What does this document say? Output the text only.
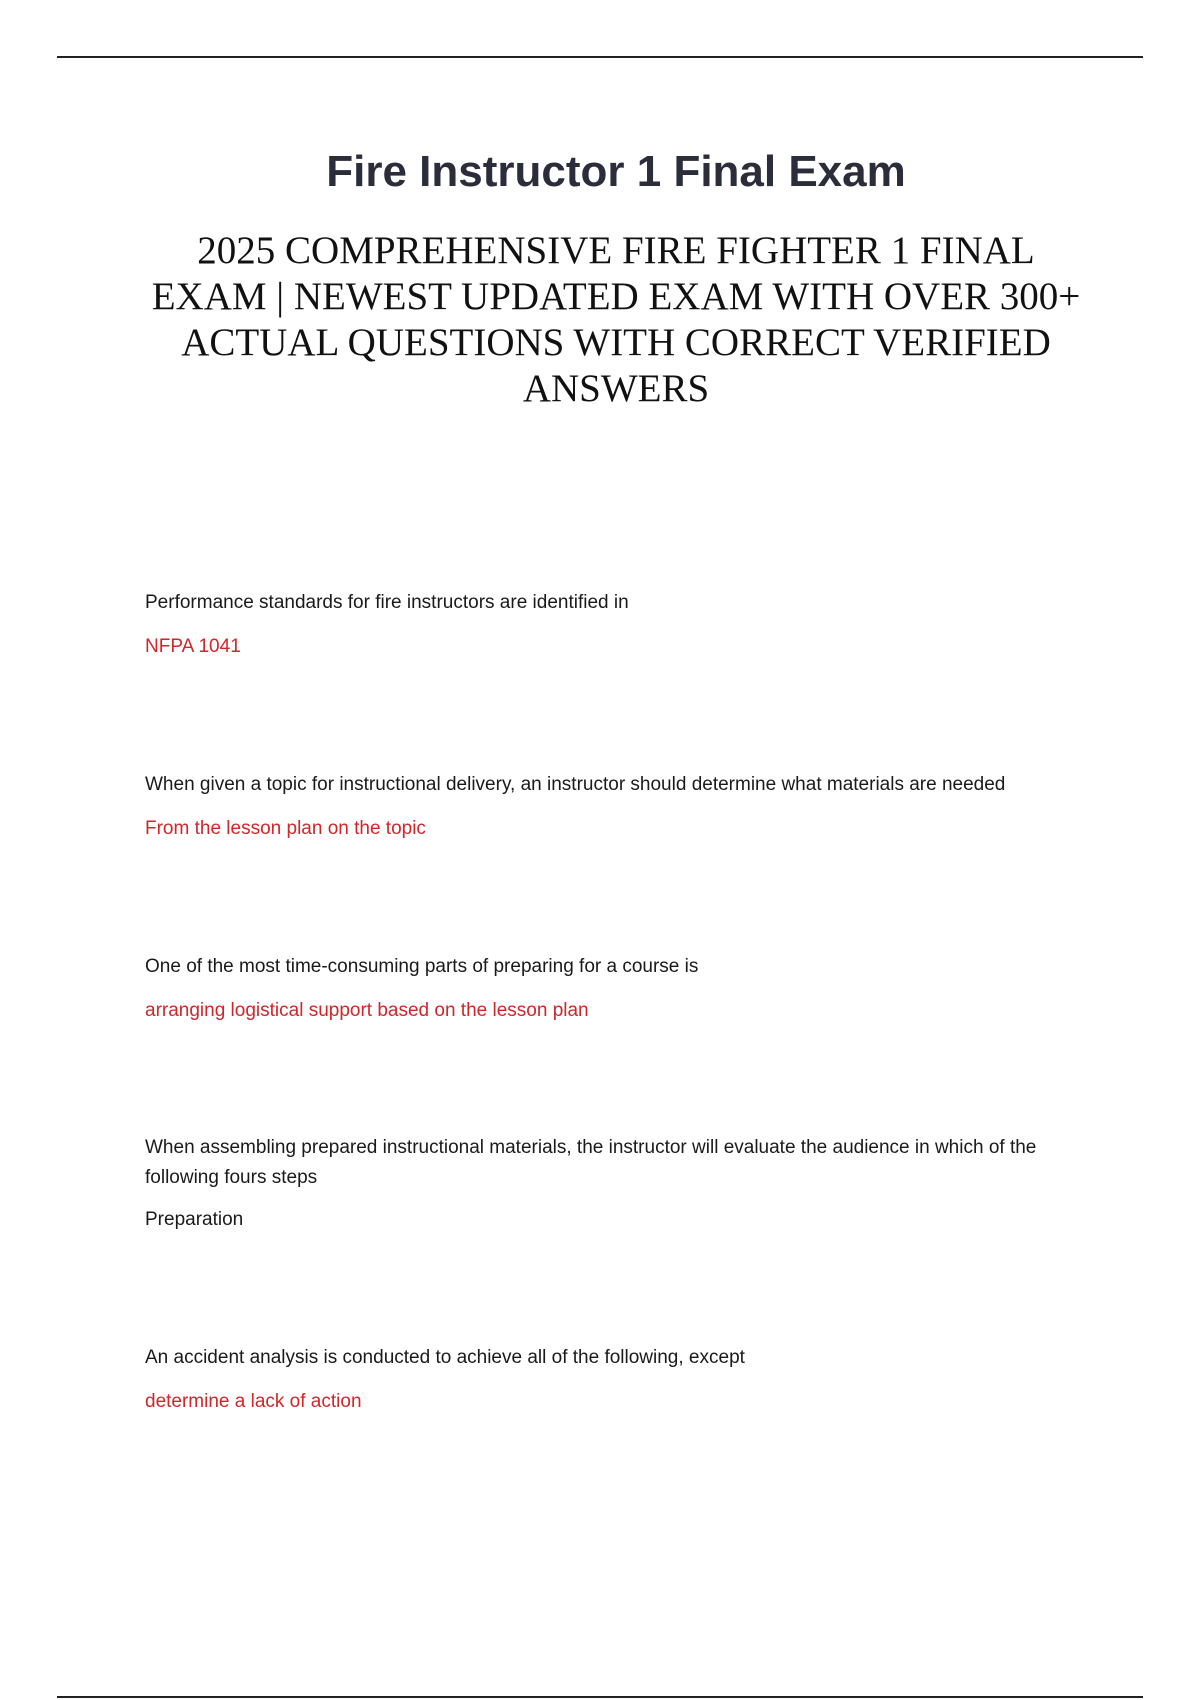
Fire Instructor 1 Final Exam

2025 COMPREHENSIVE FIRE FIGHTER 1 FINAL EXAM | NEWEST UPDATED EXAM WITH OVER 300+ ACTUAL QUESTIONS WITH CORRECT VERIFIED ANSWERS

Performance standards for fire instructors are identified in

NFPA 1041

When given a topic for instructional delivery, an instructor should determine what materials are needed

From the lesson plan on the topic

One of the most time-consuming parts of preparing for a course is

arranging logistical support based on the lesson plan

When assembling prepared instructional materials, the instructor will evaluate the audience in which of the following fours steps

Preparation

An accident analysis is conducted to achieve all of the following, except

determine a lack of action
